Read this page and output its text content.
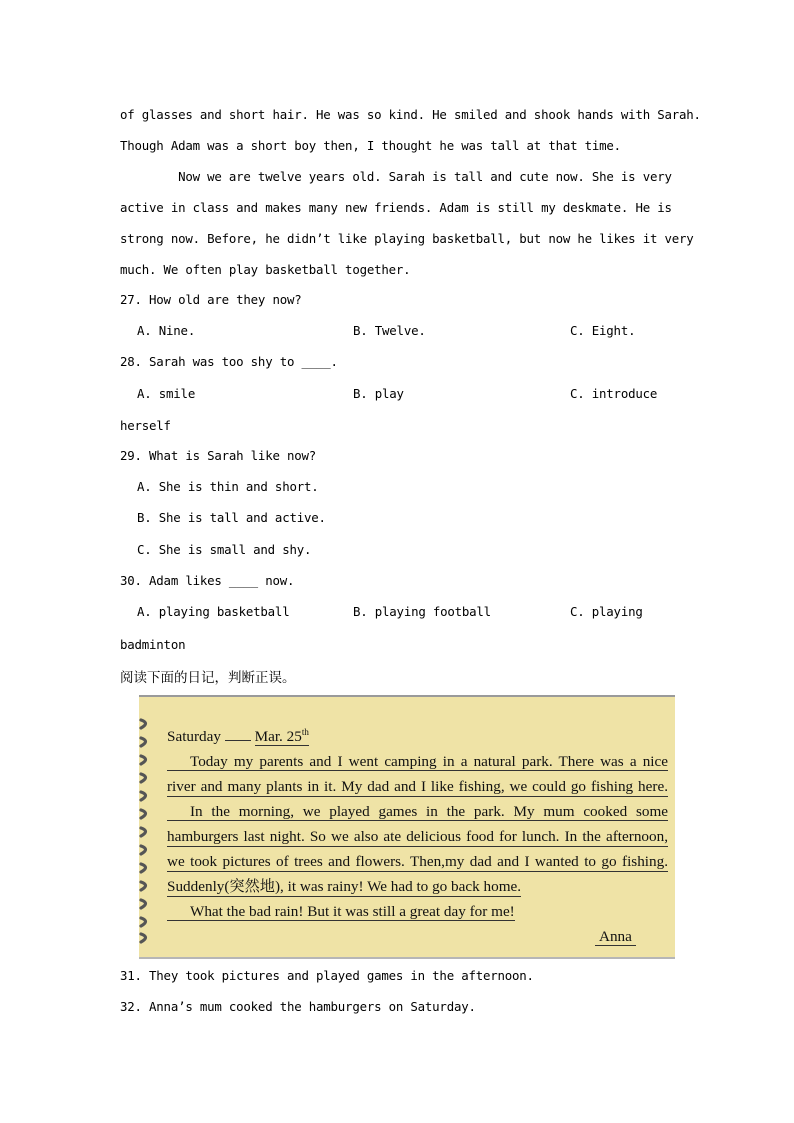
of glasses and short hair. He was so kind. He smiled and shook hands with Sarah.
Though Adam was a short boy then, I thought he was tall at that time.
Now we are twelve years old. Sarah is tall and cute now. She is very
active in class and makes many new friends. Adam is still my deskmate. He is
strong now. Before, he didn’t like playing basketball, but now he likes it very
much. We often play basketball together.
27. How old are they now?
A. Nine.	B. Twelve.	C. Eight.
28. Sarah was too shy to ____.
A. smile	B. play	C. introduce
herself
29. What is Sarah like now?
A. She is thin and short.
B. She is tall and active.
C. She is small and shy.
30. Adam likes ____ now.
A. playing basketball	B. playing football	C. playing
badminton
阅读下面的日记，判断正误。
Saturday Mar. 25th
Today my parents and I went camping in a natural park. There was a nice
river and many plants in it. My dad and I like fishing, we could go fishing here.
In the morning, we played games in the park. My mum cooked some
hamburgers last night. So we also ate delicious food for lunch. In the afternoon,
we took pictures of trees and flowers. Then,my dad and I wanted to go fishing.
Suddenly(突然地), it was rainy! We had to go back home.
What the bad rain! But it was still a great day for me!
Anna
31. They took pictures and played games in the afternoon.
32. Anna’s mum cooked the hamburgers on Saturday.
